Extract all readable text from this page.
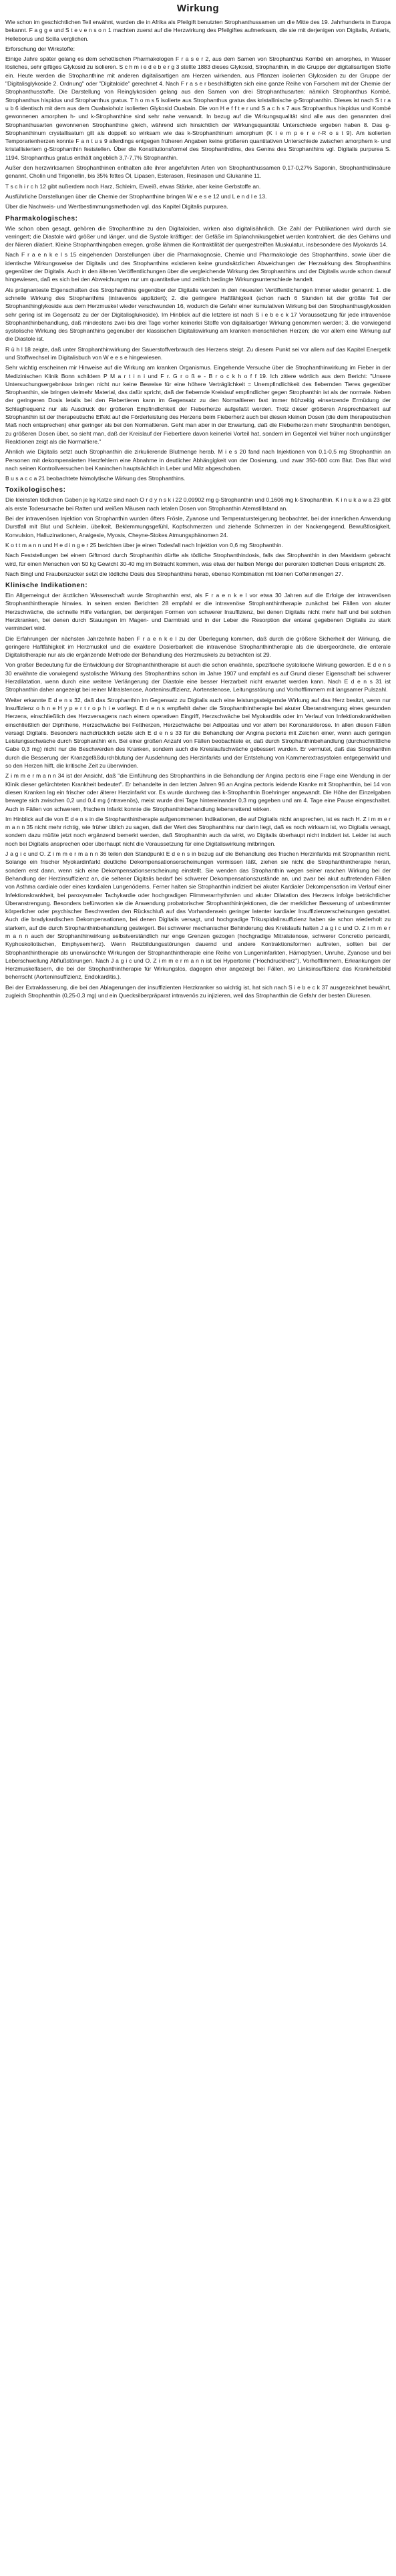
Wirkung

Wie schon im geschichtlichen Teil erwähnt, wurden die in Afrika als Pfeilgift benutzten Strophanthussamen um die Mitte des 19. Jahrhunderts in Europa bekannt. F a g g e und S t e v e n s o n 1 machten zuerst auf die Herzwirkung des Pfeilgiftes aufmerksam, die sie mit derjenigen von Digitalis, Antiaris, Helleborus und Scilla verglichen.

Erforschung der Wirkstoffe:

Einige Jahre später gelang es dem schottischen Pharmakologen F r a s e r 2, aus dem Samen von Strophanthus Kombé ein amorphes, in Wasser lösliches, sehr giftiges Glykosid zu isolieren. S c h m i e d e b e r g 3 stellte 1883 dieses Glykosid, Strophanthin, in die Gruppe der digitalisartigen Stoffe ein. Heute werden die Strophanthine mit anderen digitalisartigen am Herzen wirkenden, aus Pflanzen isolierten Glykosiden zu der Gruppe der "Digitalisglykoside 2. Ordnung" oder "Digitaloide" gerechnet 4. Nach F r a s e r beschäftigten sich eine ganze Reihe von Forschern mit der Chemie der Strophanthusstoffe. Die Darstellung von Reinglykosiden gelang aus den Samen von drei Strophanthusarten: nämlich Strophanthus Kombé, Strophanthus hispidus und Strophanthus gratus. T h o m s 5 isolierte aus Strophanthus gratus das kristallinische g-Strophanthin. Dieses ist nach S t r a u b 6 identisch mit dem aus dem Ouabaioholz isolierten Glykosid Ouabain. Die von H e f f t e r und S a c h s 7 aus Strophanthus hispidus und Kombé gewonnenen amorphen h- und k-Strophanthine sind sehr nahe verwandt. In bezug auf die Wirkungsqualität sind alle aus den genannten drei Strophanthusarten gewonnenen Strophanthine gleich, während sich hinsichtlich der Wirkungsquantität Unterschiede ergeben haben 8. Das g-Strophanthinum crystallisatum gilt als doppelt so wirksam wie das k-Strophanthinum amorphum (K i e m p e r e r-R o s t 9). Am isolierten Temporarienherzen konnte F a n t u s 9 allerdings entgegen früheren Angaben keine größeren quantitativen Unterschiede zwischen amorphem k- und kristallisiertem g-Strophanthin feststellen. Über die Konstitutionsformel des Strophanthidins, des Genins des Strophanthins vgl. Digitalis purpurea S. 1194. Strophanthus gratus enthält angeblich 3,7-7,7% Strophanthin.

Außer den herzwirksamen Strophanthinen enthalten alle ihrer angeführten Arten von Strophanthussamen 0,17-0,27% Saponin, Strophanthidinsäure genannt, Cholin und Trigonellin, bis 35% fettes Öl, Lipasen, Esterasen, Resinasen und Glukanine 11.

T s c h i r c h 12 gibt außerdem noch Harz, Schleim, Eiweiß, etwas Stärke, aber keine Gerbstoffe an.

Ausführliche Darstellungen über die Chemie der Strophanthine bringen W e e s e 12 und L e n d l e 13.

Über die Nachweis- und Wertbestimmungsmethoden vgl. das Kapitel Digitalis purpurea.

Pharmakologisches:

Wie schon oben gesagt, gehören die Strophanthine zu den Digitaloiden, wirken also digitalisähnlich. Die Zahl der Publikationen wird durch sie verringert; die Diastole wird größer und länger, und die Systole kräftiger; der Gefäße im Splanchnikusgebiet werden kontrahiert, die des Gehirns und der Nieren dilatiert. Kleine Strophanthingaben erregen, große lähmen die Kontraktilität der quergestreiften Muskulatur, insbesondere des Myokards 14.

Nach F r a e n k e l s 15 eingehenden Darstellungen über die Pharmakognosie, Chemie und Pharmakologie des Strophanthins, sowie über die identische Wirkungsweise der Digitalis und des Strophanthins existieren keine grundsätzlichen Abweichungen der Herzwirkung des Strophanthins gegenüber der Digitalis. Auch in den älteren Veröffentlichungen über die vergleichende Wirkung des Strophanthins und der Digitalis wurde schon darauf hingewiesen, daß es sich bei den Abweichungen nur um quantitative und zeitlich bedingte Wirkungsunterschiede handelt.

Als prägnanteste Eigenschaften des Strophanthins gegenüber der Digitalis werden in den neuesten Veröffentlichungen immer wieder genannt: 1. die schnelle Wirkung des Strophanthins (intravenös appliziert); 2. die geringere Haftfähigkeit (schon nach 6 Stunden ist der größte Teil der Strophanthinglykoside aus dem Herzmuskel wieder verschwunden 16, wodurch die Gefahr einer kumulativen Wirkung bei den Strophanthusglykosiden sehr gering ist im Gegensatz zu der der Digitalisglukoside). Im Hinblick auf die letztere ist nach S i e b e c k 17 Voraussetzung für jede intravenöse Strophanthinbehandlung, daß mindestens zwei bis drei Tage vorher keinerlei Stoffe von digitalisartiger Wirkung genommen werden; 3. die vorwiegend systolische Wirkung des Strophanthins gegenüber der klassischen Digitaliswirkung am kranken menschlichen Herzen; die vor allem eine Wirkung auf die Diastole ist.

R ü h l 18 zeigte, daß unter Strophanthinwirkung der Sauerstoffverbrauch des Herzens steigt. Zu diesem Punkt sei vor allem auf das Kapitel Energetik und Stoffwechsel im Digitalisbuch von W e e s e hingewiesen.

Sehr wichtig erscheinen mir Hinweise auf die Wirkung am kranken Organismus. Eingehende Versuche über die Strophanthinwirkung im Fieber in der Medizinischen Klinik Bonn schildern P M a r t i n i und F r. G r o ß e - B r o c k h o f f 19. Ich zitiere wörtlich aus dem Bericht: "Unsere Untersuchungsergebnisse bringen nicht nur keine Beweise für eine höhere Verträglichkeit = Unempfindlichkeit des fiebernden Tieres gegenüber Strophanthin, sie bringen vielmehr Material, das dafür spricht, daß der fiebernde Kreislauf empfindlicher gegen Strophanthin ist als der normale. Neben der geringeren Dosis letalis bei den Fiebertieren kann im Gegensatz zu den Normaltieren fast immer frühzeitig einsetzende Ermüdung der Schlagfrequenz nur als Ausdruck der größeren Empfindlichkeit der Fieberherze aufgefaßt werden. Trotz dieser größeren Ansprechbarkeit auf Strophanthin ist der therapeutische Effekt auf die Förderleistung des Herzens beim Fieberherz auch bei diesen kleinen Dosen (die dem therapeutischen Maß noch entsprechen) eher geringer als bei den Normaltieren. Geht man aber in der Erwartung, daß die Fieberherzen mehr Strophanthin benötigen, zu größeren Dosen über, so sieht man, daß der Kreislauf der Fiebertiere davon keinerlei Vorteil hat, sondern im Gegenteil viel früher noch ungünstiger Reaktionen zeigt als die Normaltiere."

Ähnlich wie Digitalis setzt auch Strophanthin die zirkulierende Blutmenge herab. M i e s 20 fand nach Injektionen von 0,1-0,5 mg Strophanthin an Personen mit dekompensierten Herzfehlern eine Abnahme in deutlicher Abhängigkeit von der Dosierung, und zwar 350-600 ccm Blut. Das Blut wird nach seinen Kontrollversuchen bei Kaninchen hauptsächlich in Leber und Milz abgeschoben.

B u s a c c a 21 beobachtete hämolytische Wirkung des Strophanthins.

Toxikologisches:

Die kleinsten tödlichen Gaben je kg Katze sind nach O r d y n s k i 22 0,09902 mg g-Strophanthin und 0,1606 mg k-Strophanthin. K i n u k a w a 23 gibt als erste Todesursache bei Ratten und weißen Mäusen nach letalen Dosen von Strophanthin Atemstillstand an.

Bei der intravenösen Injektion von Strophanthin wurden öfters Frösle, Zyanose und Temperatursteigerung beobachtet, bei der innerlichen Anwendung Durstfall mit Blut und Schleim, übelkeit, Beklemmungsgefühl, Kopfschmerzen und ziehende Schmerzen in der Nackengegend, Bewußtlosigkeit, Konvulsion, Halluzinationen, Analgesie, Myosis, Cheyne-Stokes Atmungsphänomen 24.

K o t t m a n n und H e d i n g e r 25 berichten über je einen Todesfall nach Injektion von 0,6 mg Strophanthin.

Nach Feststellungen bei einem Giftmord durch Strophanthin dürfte als tödliche Strophanthindosis, falls das Strophanthin in den Mastdarm gebracht wird, für einen Menschen von 50 kg Gewicht 30-40 mg im Betracht kommen, was etwa der halben Menge der peroralen tödlichen Dosis entspricht 26.

Nach Bingl und Fraubenzucker setzt die tödliche Dosis des Strophanthins herab, ebenso Kombination mit kleinen Coffeinmengen 27.

Klinische Indikationen:

Ein Allgemeingut der ärztlichen Wissenschaft wurde Strophanthin erst, als F r a e n k e l vor etwa 30 Jahren auf die Erfolge der intravenösen Strophanthintherapie hinwies. In seinen ersten Berichten 28 empfahl er die intravenöse Strophanthintherapie zunächst bei Fällen von akuter Herzschwäche, die schnelle Hilfe verlangten, bei denjenigen Formen von schwerer Insuffizienz, bei denen Digitalis nicht mehr half und bei solchen Herzkranken, bei denen durch Stauungen im Magen- und Darmtrakt und in der Leber die Resorption der enteral gegebenen Digitalis zu stark vermindert wird.

Die Erfahrungen der nächsten Jahrzehnte haben F r a e n k e l zu der Überlegung kommen, daß durch die größere Sicherheit der Wirkung, die geringere Haftfähigkeit im Herzmuskel und die exaktere Dosierbarkeit die intravenöse Strophanthintherapie als die übergeordnete, die enterale Digitalistherapie nur als die ergänzende Methode der Behandlung des Herzmuskels zu betrachten ist 29.

Von großer Bedeutung für die Entwicklung der Strophanthintherapie ist auch die schon erwähnte, spezifische systolische Wirkung geworden. E d e n s 30 erwähnte die vorwiegend systolische Wirkung des Strophanthins schon im Jahre 1907 und empfahl es auf Grund dieser Eigenschaft bei schwerer Herzdilatation, wenn durch eine weitere Verlängerung der Diastole eine besser Herzarbeit nicht erwartet werden kann. Nach E d e n s 31 ist Strophanthin daher angezeigt bei reiner Mitralstenose, Aorteninsuffizienz, Aortenstenose, Leitungsstörung und Vorhofflimmern mit langsamer Pulszahl.

Weiter erkannte E d e n s 32, daß das Strophanthin im Gegensatz zu Digitalis auch eine leistungssteigernde Wirkung auf das Herz besitzt, wenn nur Insuffizienz o h n e H y p e r t r o p h i e vorliegt. E d e n s empfiehlt daher die Strophanthintherapie bei akuter Überanstrengung eines gesunden Herzens, einschließlich des Herzversagens nach einem operativen Eingriff, Herzschwäche bei Myokarditis oder im Verlauf von Infektionskrankheiten einschließlich der Diphtherie, Herzschwäche bei Fettherzen, Herzschwäche bei Adipositas und vor allem bei Koronarsklerose. In allen diesen Fällen versagt Digitalis. Besonders nachdrücklich setzte sich E d e n s 33 für die Behandlung der Angina pectoris mit Zeichen einer, wenn auch geringen Leistungsschwäche durch Strophanthin ein. Bei einer großen Anzahl von Fällen beobachtete er, daß durch Strophanthinbehandlung (durchschnittliche Gabe 0,3 mg) nicht nur die Beschwerden des Kranken, sondern auch die Kreislaufschwäche gebessert wurden. Er vermutet, daß das Strophanthin durch die Besserung der Kranzgefäßdurchblutung der Ausdehnung des Herzinfarkts und der Entstehung von Kammerextrasystolen entgegenwirkt und so den Herzen hilft, die kritische Zeit zu überwinden.

Z i m m e r m a n n 34 ist der Ansicht, daß "die Einführung des Strophanthins in die Behandlung der Angina pectoris eine Frage eine Wendung in der Klinik dieser gefürchteten Krankheit bedeutet". Er behandelte in den letzten Jahren 96 an Angina pectoris leidende Kranke mit Strophanthin, bei 14 von diesen Kranken lag ein frischer oder älterer Herzinfarkt vor. Es wurde durchweg das k-Strophanthin Boehringer angewandt. Die Höhe der Einzelgaben bewegte sich zwischen 0,2 und 0,4 mg (intravenös), meist wurde drei Tage hintereinander 0,3 mg gegeben und am 4. Tage eine Pause eingeschaltet. Auch in Fällen von schwerem, frischem Infarkt konnte die Strophanthinbehandlung lebensrettend wirken.

Im Hinblick auf die von E d e n s in die Strophanthintherapie aufgenommenen Indikationen, die auf Digitalis nicht ansprechen, ist es nach H. Z i m m e r m a n n 35 nicht mehr richtig, wie früher üblich zu sagen, daß der Wert des Strophanthins nur darin liegt, daß es noch wirksam ist, wo Digitalis versagt, sondern dazu müßte jetzt noch ergänzend bemerkt werden, daß Strophanthin auch da wirkt, wo Digitalis überhaupt nicht indiziert ist. Leider ist auch noch bei Digitalis ansprechen oder überhaupt nicht die Voraussetzung für eine Digitaliswirkung mitbringen.

J a g i c und O. Z i m m e r m a n n 36 teilen den Standpunkt E d e n s in bezug auf die Behandlung des frischen Herzinfarkts mit Strophanthin nicht. Solange ein frischer Myokardinfarkt deutliche Dekompensationserscheinungen vermissen läßt, ziehen sie nicht die Strophanthintherapie heran, sondern erst dann, wenn sich eine Dekompensationserscheinung einstellt. Sie wenden das Strophanthin wegen seiner raschen Wirkung bei der Behandlung der Herzinsuffizienz an, die seltener Digitalis bedarf bei schwerer Dekompensationszustände an, und zwar bei akut auftretenden Fällen von Asthma cardiale oder eines kardialen Lungenödems. Ferner halten sie Strophanthin indiziert bei akuter Kardialer Dekompensation im Verlauf einer Infektionskrankheit, bei paroxysmaler Tachykardie oder hochgradigen Flimmerarrhythmien und akuter Dilatation des Herzens infolge beträchtlicher Überanstrengung. Besonders befürworten sie die Anwendung probatorischer Strophanthininjektionen, die der merklicher Besserung of unbestimmter körperlicher oder psychischer Beschwerden den Rückschluß auf das Vorhandensein geringer latenter kardialer Insuffizienzerscheinungen gestattet. Auch die bradykardischen Dekompensationen, bei denen Digitalis versagt, und hochgradige Trikuspidalinsuffizienz haben sie schon wiederholt zu starkem, auf die durch Strophanthinbehandlung gesteigert. Bei schwerer mechanischer Behinderung des Kreislaufs halten J a g i c und O. Z i m m e r m a n n auch der Strophanthinwirkung selbstverständlich nur enge Grenzen gezogen (hochgradige Mitralstenose, schwerer Concretio pericardii, Kyphoskoliotischen, Emphysemherz). Wenn Reizbildungsstörungen dauernd und andere Kontraktionsformen auftreten, sollten bei der Strophanthintherapie als unerwünschte Wirkungen der Strophanthintherapie eine Reihe von Lungeninfarkten, Hämoptysen, Unruhe, Zyanose und bei Leberschwellung Abflußstörungen. Nach J a g i c und O. Z i m m e r m a n n ist bei Hypertonie ("Hochdruckherz"), Vorhofflimmern, Erkrankungen der Herzmuskelfasern, die bei der Strophanthintherapie für Wirkungslos, dagegen eher angezeigt bei Fällen, wo Linksinsuffizienz das Krankheitsbild beherrscht (Aorteninsuffizienz, Endokarditis.).

Bei der Extraklasserung, die bei den Ablagerungen der insuffizienten Herzkranker so wichtig ist, hat sich nach S i e b e c k 37 ausgezeichnet bewährt, zugleich Strophanthin (0,25-0,3 mg) und ein Quecksilberpräparat intravenös zu injizieren, weil das Strophanthin die Gefahr der besten Diuresen.
